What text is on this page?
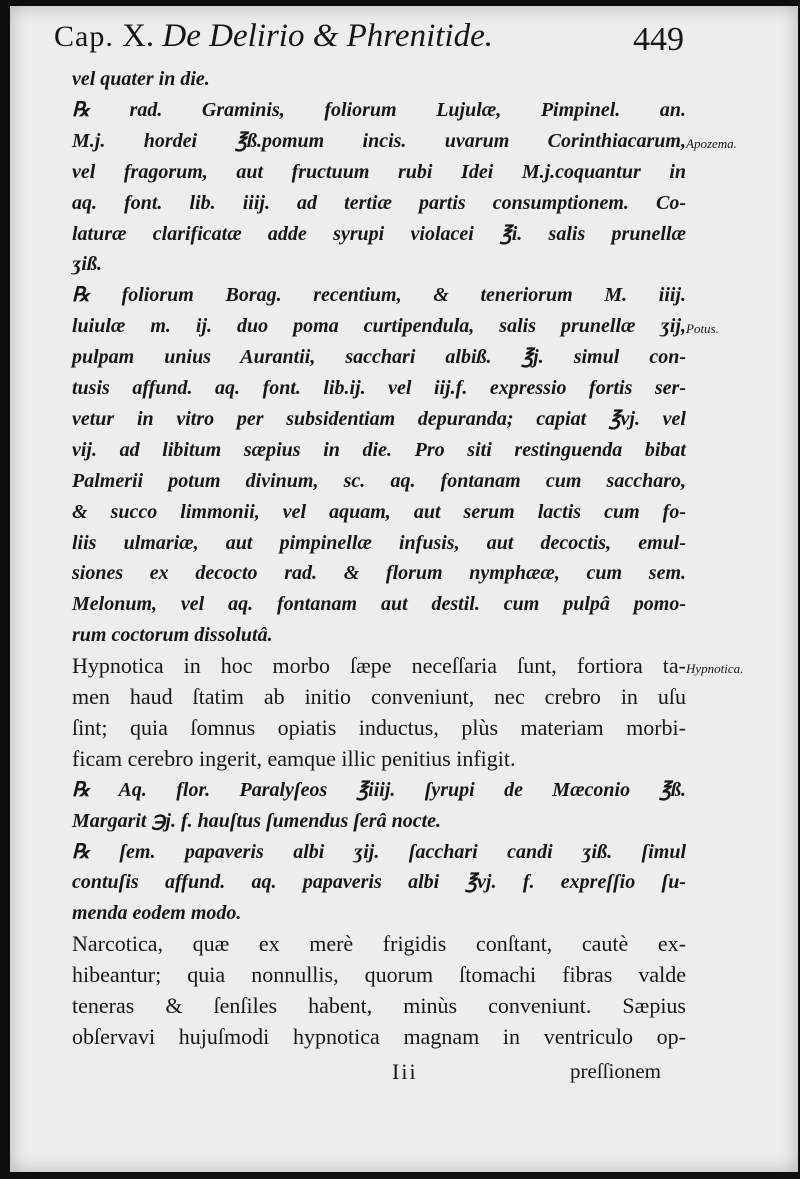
Cap. X. De Delirio & Phrenitide.	449
vel quater in die.
℞ rad. Graminis, foliorum Lujulæ, Pimpinel. an.
M.j. hordei ℥ß.pomum incis. uvarum Corinthiacarum,
vel fragorum, aut fructuum rubi Idei M.j.coquantur in
aq. font. lib. iiij. ad tertiæ partis consumptionem. Co-
laturæ clarificatæ adde syrupi violacei ℥i. salis prunellæ
ʒiß.
℞ foliorum Borag. recentium, & teneriorum M. iiij.
luiulæ m. ij. duo poma curtipendula, salis prunellæ ʒij,
pulpam unius Aurantii, sacchari albiß. ℥j. simul con-
tusis affund. aq. font. lib.ij. vel iij.f. expressio fortis ser-
vetur in vitro per subsidentiam depuranda; capiat ℥vj. vel
vij. ad libitum sæpius in die. Pro siti restinguenda bibat
Palmerii potum divinum, sc. aq. fontanam cum sacchаro,
& succo limmonii, vel aquam, aut serum lactis cum fo-
liis ulmariæ, aut pimpinellæ infusis, aut decoctis, emul-
siones ex decocto rad. & florum nymphææ, cum sem.
Melonum, vel aq. fontanam aut destil. cum pulpâ pomo-
rum coctorum dissolutâ.
Hypnotica in hoc morbo ſæpe neceſſaria ſunt, fortiora ta-
men haud ſtatim ab initio conveniunt, nec crebro in uſu
ſint; quia ſomnus opiatis inductus, plùs materiam morbi-
ficam cerebro ingerit, eamque illic penitius infigit.
℞ Aq. flor. Paralyſeos ℥iiij. ſyrupi de Mæconio ℥ß.
Margarit ℈j. f. hauſtus ſumendus ſerâ nocte.
℞ ſem. papaveris albi ʒij. ſacchari candi ʒiß. ſimul
contuſis affund. aq. papaveris albi ℥vj. f. expreſſio ſu-
menda eodem modo.
Narcotica, quæ ex merè frigidis conſtant, cautè ex-
hibeantur; quia nonnullis, quorum ſtomachi fibras valde
teneras & ſenſiles habent, minùs conveniunt. Sæpius
obſervavi hujuſmodi hypnotica magnam in ventriculo op-
Apozema.
Potus.
Hypnotica.
Iii	preſſionem
